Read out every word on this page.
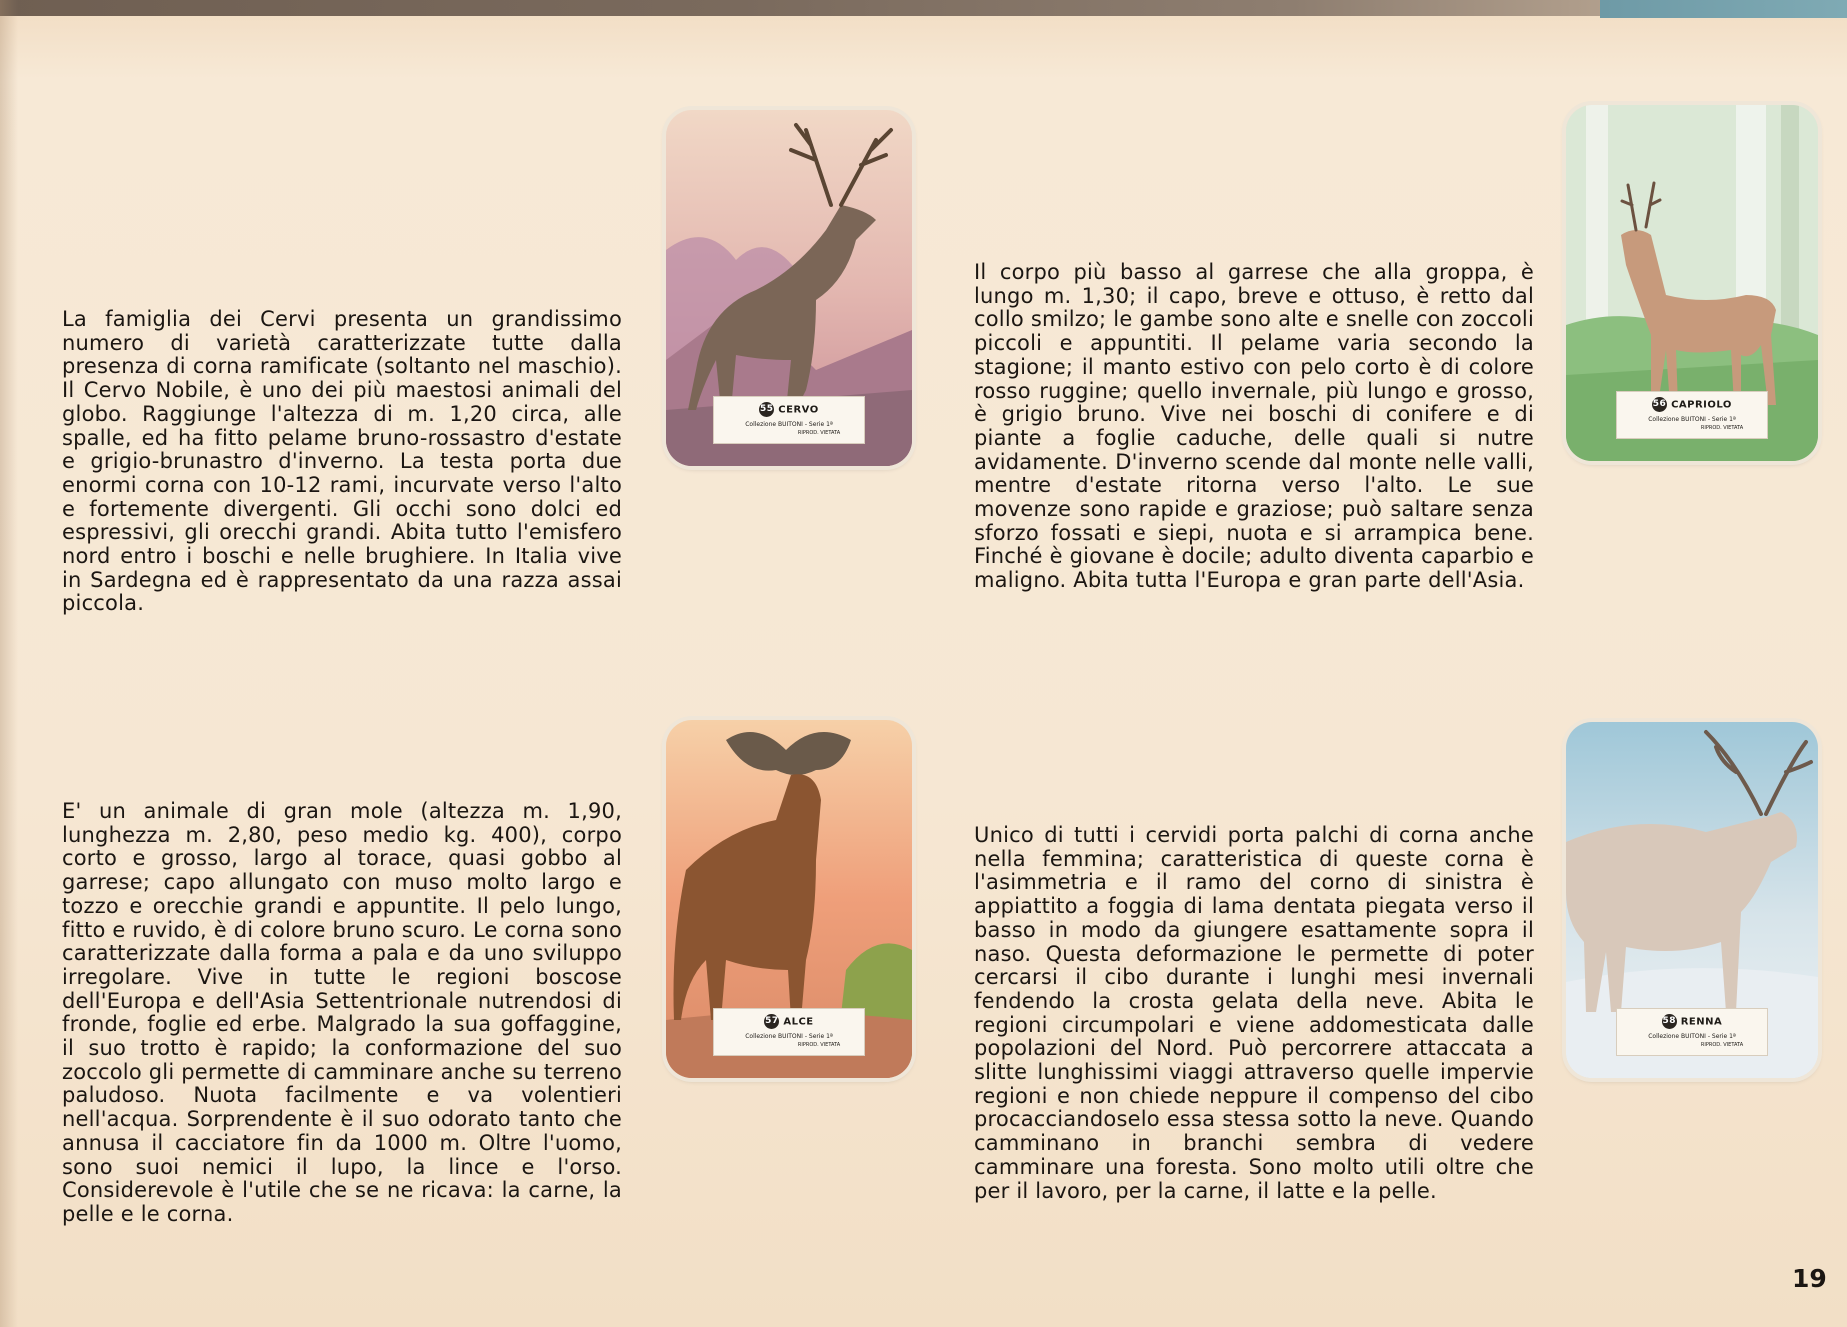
La famiglia dei Cervi presenta un grandissimo numero di varietà caratterizzate tutte dalla presenza di corna ramificate (soltanto nel maschio). Il Cervo Nobile, è uno dei più maestosi animali del globo. Raggiunge l'altezza di m. 1,20 circa, alle spalle, ed ha fitto pelame bruno-rossastro d'estate e grigio-brunastro d'inverno. La testa porta due enormi corna con 10-12 rami, incurvate verso l'alto e fortemente divergenti. Gli occhi sono dolci ed espressivi, gli orecchi grandi. Abita tutto l'emisfero nord entro i boschi e nelle brughiere. In Italia vive in Sardegna ed è rappresentato da una razza assai piccola.

55 CERVO
Collezione BUITONI - Serie 1ª
RIPROD. VIETATA

Il corpo più basso al garrese che alla groppa, è lungo m. 1,30; il capo, breve e ottuso, è retto dal collo smilzo; le gambe sono alte e snelle con zoccoli piccoli e appuntiti. Il pelame varia secondo la stagione; il manto estivo con pelo corto è di colore rosso ruggine; quello invernale, più lungo e grosso, è grigio bruno. Vive nei boschi di conifere e di piante a foglie caduche, delle quali si nutre avidamente. D'inverno scende dal monte nelle valli, mentre d'estate ritorna verso l'alto. Le sue movenze sono rapide e graziose; può saltare senza sforzo fossati e siepi, nuota e si arrampica bene. Finché è giovane è docile; adulto diventa caparbio e maligno. Abita tutta l'Europa e gran parte dell'Asia.

56 CAPRIOLO
Collezione BUITONI - Serie 1ª
RIPROD. VIETATA

E' un animale di gran mole (altezza m. 1,90, lunghezza m. 2,80, peso medio kg. 400), corpo corto e grosso, largo al torace, quasi gobbo al garrese; capo allungato con muso molto largo e tozzo e orecchie grandi e appuntite. Il pelo lungo, fitto e ruvido, è di colore bruno scuro. Le corna sono caratterizzate dalla forma a pala e da uno sviluppo irregolare. Vive in tutte le regioni boscose dell'Europa e dell'Asia Settentrionale nutrendosi di fronde, foglie ed erbe. Malgrado la sua goffaggine, il suo trotto è rapido; la conformazione del suo zoccolo gli permette di camminare anche su terreno paludoso. Nuota facilmente e va volentieri nell'acqua. Sorprendente è il suo odorato tanto che annusa il cacciatore fin da 1000 m. Oltre l'uomo, sono suoi nemici il lupo, la lince e l'orso. Considerevole è l'utile che se ne ricava: la carne, la pelle e le corna.

57 ALCE
Collezione BUITONI - Serie 1ª
RIPROD. VIETATA

Unico di tutti i cervidi porta palchi di corna anche nella femmina; caratteristica di queste corna è l'asimmetria e il ramo del corno di sinistra è appiattito a foggia di lama dentata piegata verso il basso in modo da giungere esattamente sopra il naso. Questa deformazione le permette di poter cercarsi il cibo durante i lunghi mesi invernali fendendo la crosta gelata della neve. Abita le regioni circumpolari e viene addomesticata dalle popolazioni del Nord. Può percorrere attaccata a slitte lunghissimi viaggi attraverso quelle impervie regioni e non chiede neppure il compenso del cibo procacciandoselo essa stessa sotto la neve. Quando camminano in branchi sembra di vedere camminare una foresta. Sono molto utili oltre che per il lavoro, per la carne, il latte e la pelle.

58 RENNA
Collezione BUITONI - Serie 1ª
RIPROD. VIETATA
19
